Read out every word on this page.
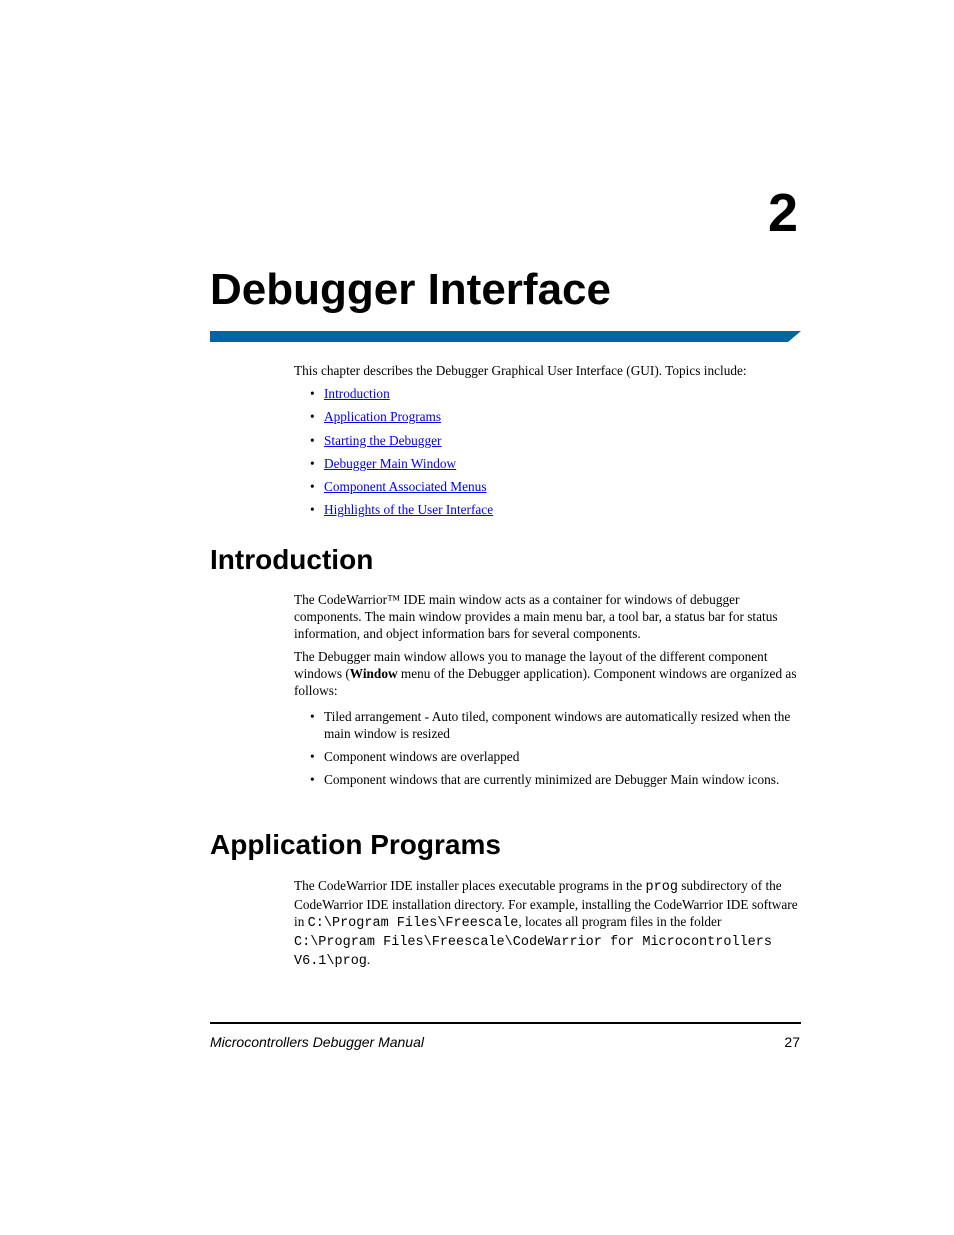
2
Debugger Interface

This chapter describes the Debugger Graphical User Interface (GUI). Topics include:

• Introduction
• Application Programs
• Starting the Debugger
• Debugger Main Window
• Component Associated Menus
• Highlights of the User Interface
Introduction

The CodeWarrior™ IDE main window acts as a container for windows of debugger components. The main window provides a main menu bar, a tool bar, a status bar for status information, and object information bars for several components.

The Debugger main window allows you to manage the layout of the different component windows (Window menu of the Debugger application). Component windows are organized as follows:

• Tiled arrangement - Auto tiled, component windows are automatically resized when the main window is resized
• Component windows are overlapped
• Component windows that are currently minimized are Debugger Main window icons.
Application Programs

The CodeWarrior IDE installer places executable programs in the prog subdirectory of the CodeWarrior IDE installation directory. For example, installing the CodeWarrior IDE software in C:\Program Files\Freescale, locates all program files in the folder C:\Program Files\Freescale\CodeWarrior for Microcontrollers V6.1\prog.

Microcontrollers Debugger Manual	27
